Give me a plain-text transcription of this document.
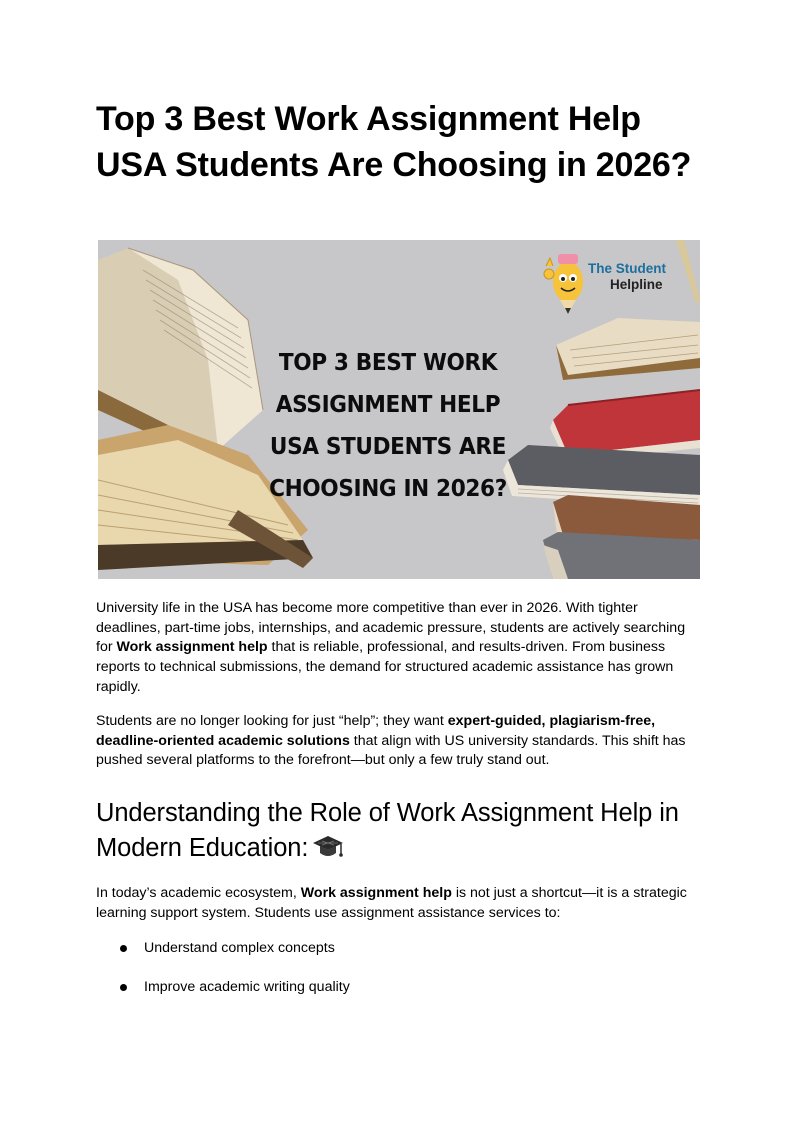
Top 3 Best Work Assignment Help USA Students Are Choosing in 2026?
The Student
Helpline
TOP 3 BEST WORK ASSIGNMENT HELP USA STUDENTS ARE CHOOSING IN 2026?

University life in the USA has become more competitive than ever in 2026. With tighter deadlines, part-time jobs, internships, and academic pressure, students are actively searching for Work assignment help that is reliable, professional, and results-driven. From business reports to technical submissions, the demand for structured academic assistance has grown rapidly.

Students are no longer looking for just “help”; they want expert-guided, plagiarism-free, deadline-oriented academic solutions that align with US university standards. This shift has pushed several platforms to the forefront—but only a few truly stand out.

Understanding the Role of Work Assignment Help in Modern Education:

In today’s academic ecosystem, Work assignment help is not just a shortcut—it is a strategic learning support system. Students use assignment assistance services to:

Understand complex concepts
Improve academic writing quality
